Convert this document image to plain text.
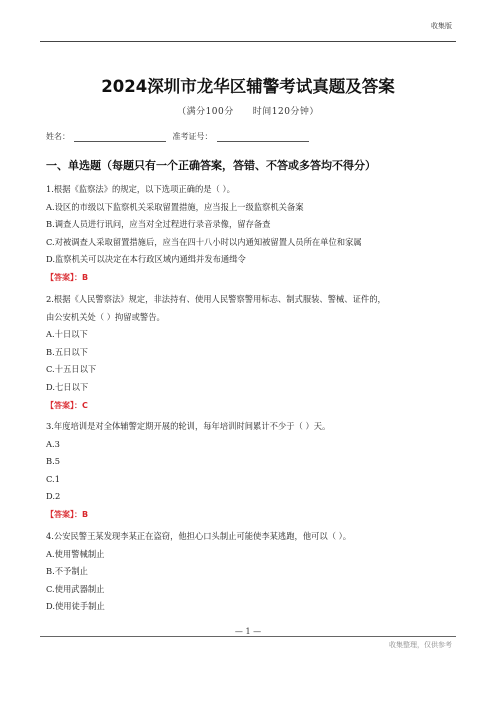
收集版
2024深圳市龙华区辅警考试真题及答案
（满分100分　　时间120分钟）
姓名：	准考证号：
一、单选题（每题只有一个正确答案，答错、不答或多答均不得分）
1.根据《监察法》的规定，以下选项正确的是（ ）。
A.设区的市级以下监察机关采取留置措施，应当报上一级监察机关备案
B.调查人员进行讯问，应当对全过程进行录音录像，留存备查
C.对被调查人采取留置措施后，应当在四十八小时以内通知被留置人员所在单位和家属
D.监察机关可以决定在本行政区域内通缉并发布通缉令
【答案】：B
2.根据《人民警察法》规定，非法持有、使用人民警察警用标志、制式服装、警械、证件的，
由公安机关处（ ）拘留或警告。
A.十日以下
B.五日以下
C.十五日以下
D.七日以下
【答案】：C
3.年度培训是对全体辅警定期开展的轮训，每年培训时间累计不少于（ ）天。
A.3
B.5
C.1
D.2
【答案】：B
4.公安民警王某发现李某正在盗窃，他担心口头制止可能使李某逃跑，他可以（ ）。
A.使用警械制止
B.不予制止
C.使用武器制止
D.使用徒手制止
— 1 —
收集整理，仅供参考
